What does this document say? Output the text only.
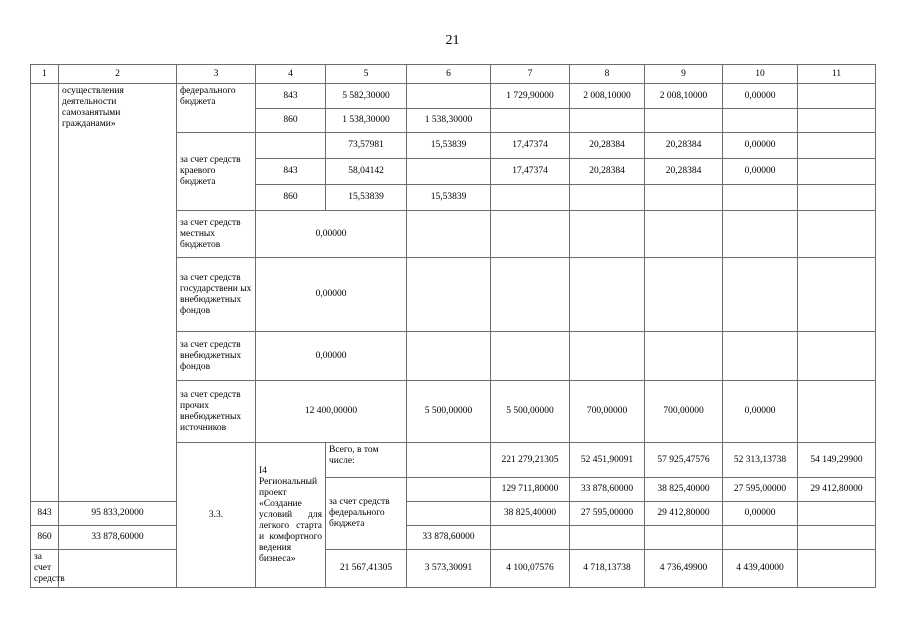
21
1	2	3	4	5	6	7	8	9	10	11	
	осуществления деятельности самозанятыми гражданами»	федерального бюджета	843	5 582,30000		1 729,90000	2 008,10000	2 008,10000	0,00000		
			860	1 538,30000	1 538,30000						
		за счет средств краевого бюджета		73,57981	15,53839	17,47374	20,28384	20,28384	0,00000		
			843	58,04142		17,47374	20,28384	20,28384	0,00000		
			860	15,53839	15,53839						
		за счет средств местных бюджетов	0,00000								
		за счет средств государствени ых внебюджетных фондов	0,00000								
		за счет средств внебюджетных фондов	0,00000								
		за счет средств прочих внебюджетных источников	12 400,00000		5 500,00000	5 500,00000	700,00000	700,00000	0,00000		
		3.3.	I4 Региональный проект «Создание условий для легкого старта и комфортного ведения бизнеса»	Всего, в том числе:		221 279,21305	52 451,90091	57 925,47576	52 313,13738	54 149,29900		
				за счет средств федерального бюджета		129 711,80000	33 878,60000	38 825,40000	27 595,00000	29 412,80000		
843	95 833,20000					38 825,40000	27 595,00000	29 412,80000	0,00000		
860	33 878,60000				33 878,60000						
за счет средств				21 567,41305	3 573,30091	4 100,07576	4 718,13738	4 736,49900	4 439,40000		
